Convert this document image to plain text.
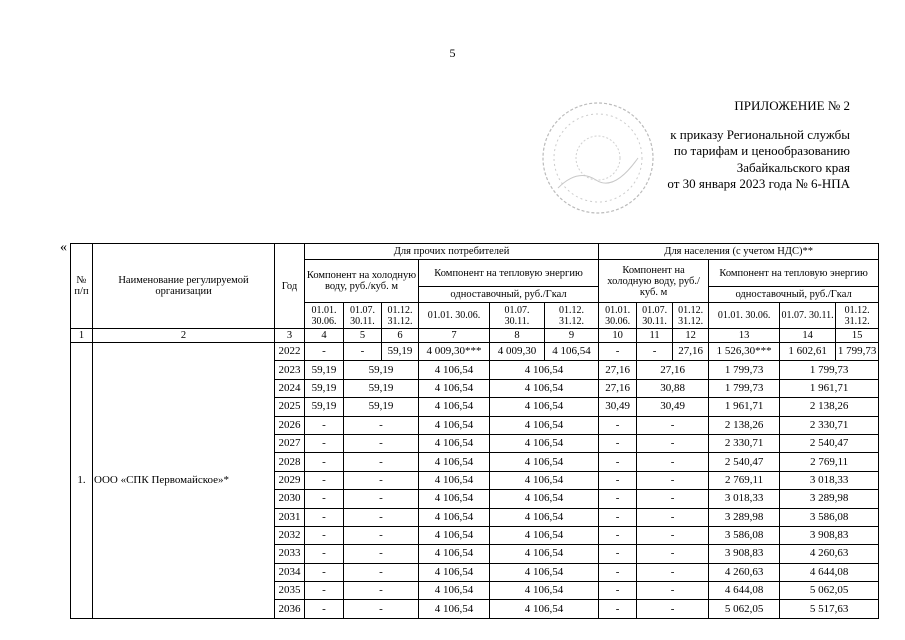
5
ПРИЛОЖЕНИЕ № 2
к приказу Региональной службы
по тарифам и ценообразованию
Забайкальского края
от 30 января 2023 года № 6-НПА
«
№ п/п	Наименование регулируемой организации	Год	Для прочих потребителей						Для населения (с учетом НДС)**					
			Компонент на холодную воду, руб./куб. м			Компонент на тепловую энергию			Компонент на холодную воду, руб./куб. м			Компонент на тепловую энергию		
						одноставочный, руб./Гкал						одноставочный, руб./Гкал		
			01.01. 30.06.	01.07. 30.11.	01.12. 31.12.	01.01. 30.06.	01.07. 30.11.	01.12. 31.12.	01.01. 30.06.	01.07. 30.11.	01.12. 31.12.	01.01. 30.06.	01.07. 30.11.	01.12. 31.12.
1	2	3	4	5	6	7	8	9	10	11	12	13	14	15
1.	ООО «СПК Первомайское»*	2022	-	-	59,19	4 009,30***	4 009,30	4 106,54	-	-	27,16	1 526,30***	1 602,61	1 799,73
		2023	59,19	59,19		4 106,54	4 106,54		27,16	27,16		1 799,73	1 799,73	
		2024	59,19	59,19		4 106,54	4 106,54		27,16	30,88		1 799,73	1 961,71	
		2025	59,19	59,19		4 106,54	4 106,54		30,49	30,49		1 961,71	2 138,26	
		2026	-	-		4 106,54	4 106,54		-	-		2 138,26	2 330,71	
		2027	-	-		4 106,54	4 106,54		-	-		2 330,71	2 540,47	
		2028	-	-		4 106,54	4 106,54		-	-		2 540,47	2 769,11	
		2029	-	-		4 106,54	4 106,54		-	-		2 769,11	3 018,33	
		2030	-	-		4 106,54	4 106,54		-	-		3 018,33	3 289,98	
		2031	-	-		4 106,54	4 106,54		-	-		3 289,98	3 586,08	
		2032	-	-		4 106,54	4 106,54		-	-		3 586,08	3 908,83	
		2033	-	-		4 106,54	4 106,54		-	-		3 908,83	4 260,63	
		2034	-	-		4 106,54	4 106,54		-	-		4 260,63	4 644,08	
		2035	-	-		4 106,54	4 106,54		-	-		4 644,08	5 062,05	
		2036	-	-		4 106,54	4 106,54		-	-		5 062,05	5 517,63	
